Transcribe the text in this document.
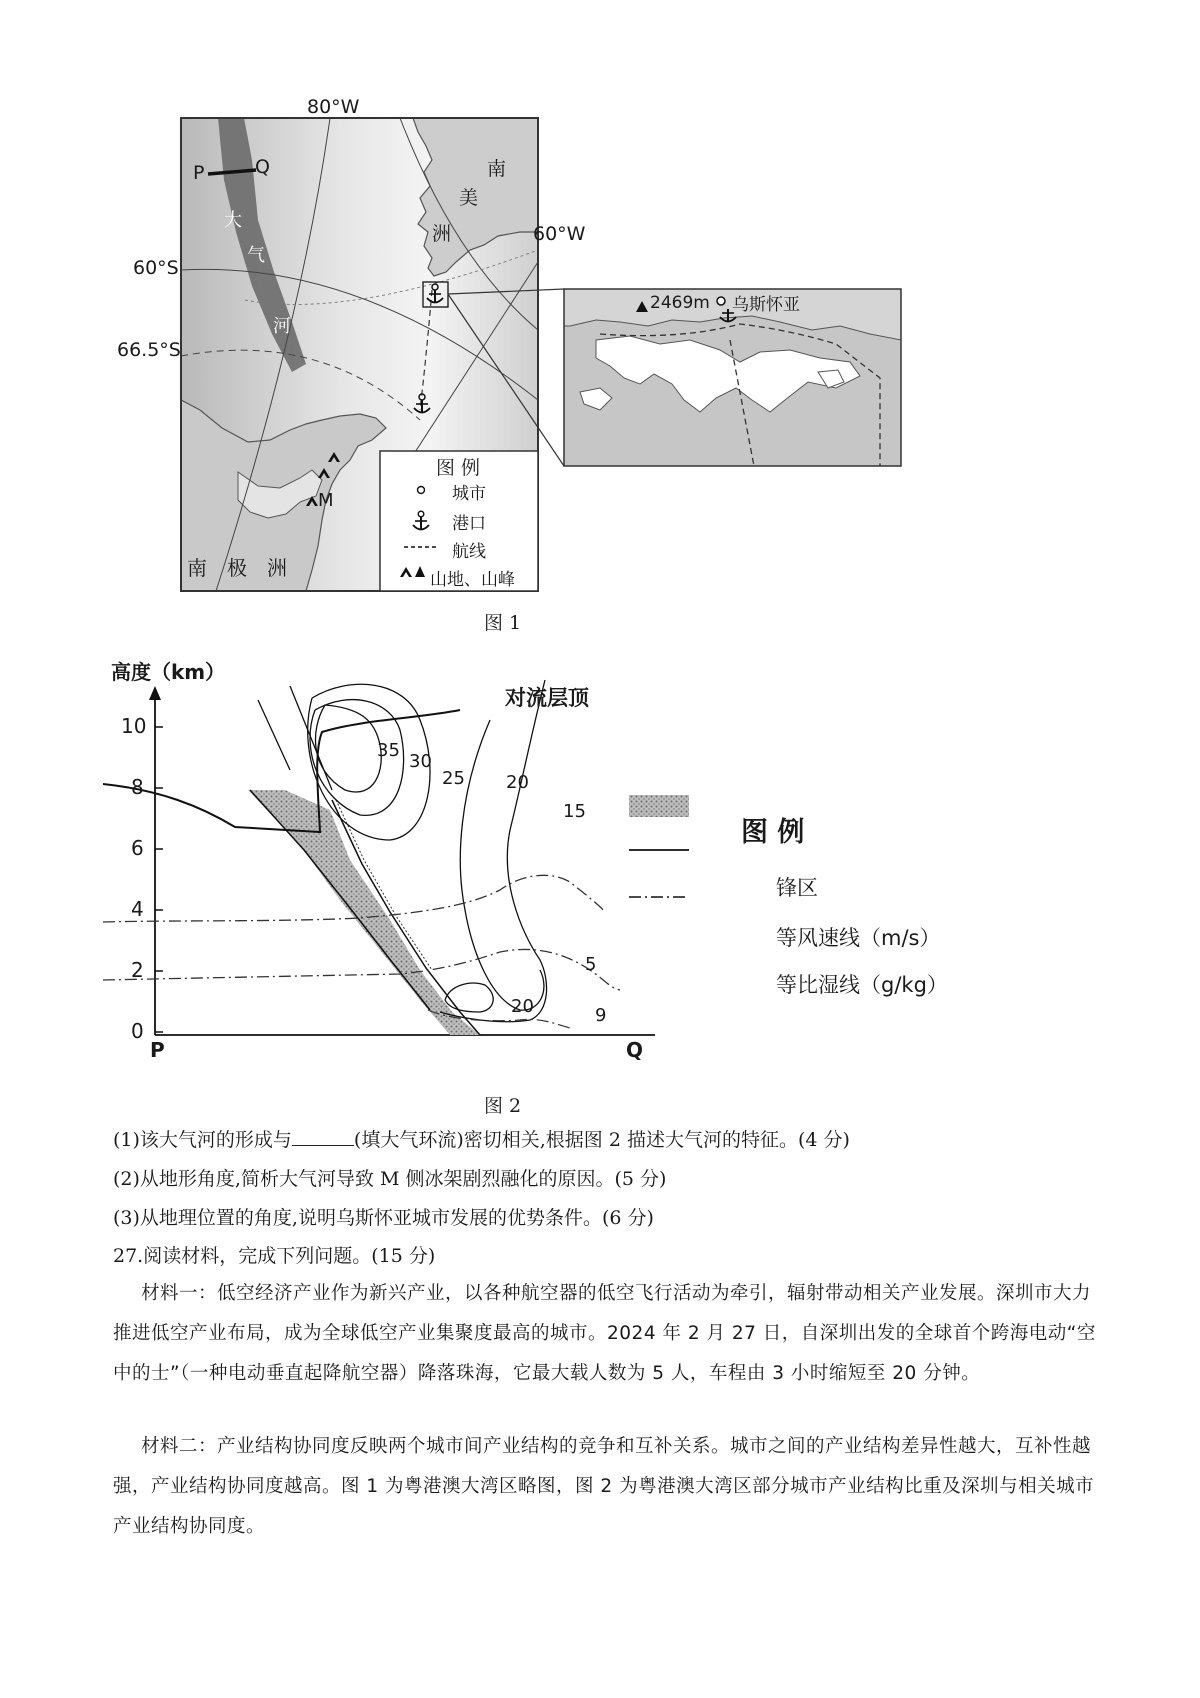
80°W
60°W
60°S
66.5°S
P	Q
大
气
河
南
美
洲
南　极　洲
M
2469m 乌斯怀亚
图 例
城市
港口
航线
山地、山峰
图 1
高度（km）
0
2
4
6
8
10
P	Q
对流层顶
35
30
25 20
15
20
5
9
图 例
锋区
等风速线（m/s）
等比湿线（g/kg）
图 2
(1)该大气河的形成与	(填大气环流)密切相关,根据图 2 描述大气河的特征。(4 分)
(2)从地形角度,简析大气河导致 M 侧冰架剧烈融化的原因。(5 分)
(3)从地理位置的角度,说明乌斯怀亚城市发展的优势条件。(6 分)
27.阅读材料，完成下列问题。(15 分)
材料一：低空经济产业作为新兴产业，以各种航空器的低空飞行活动为牵引，辐射带动相关产业发展。深圳市大力推进低空产业布局，成为全球低空产业集聚度最高的城市。2024 年 2 月 27 日，自深圳出发的全球首个跨海电动“空中的士”（一种电动垂直起降航空器）降落珠海，它最大载人数为 5 人，车程由 3 小时缩短至 20 分钟。
材料二：产业结构协同度反映两个城市间产业结构的竞争和互补关系。城市之间的产业结构差异性越大，互补性越强，产业结构协同度越高。图 1 为粤港澳大湾区略图，图 2 为粤港澳大湾区部分城市产业结构比重及深圳与相关城市产业结构协同度。
